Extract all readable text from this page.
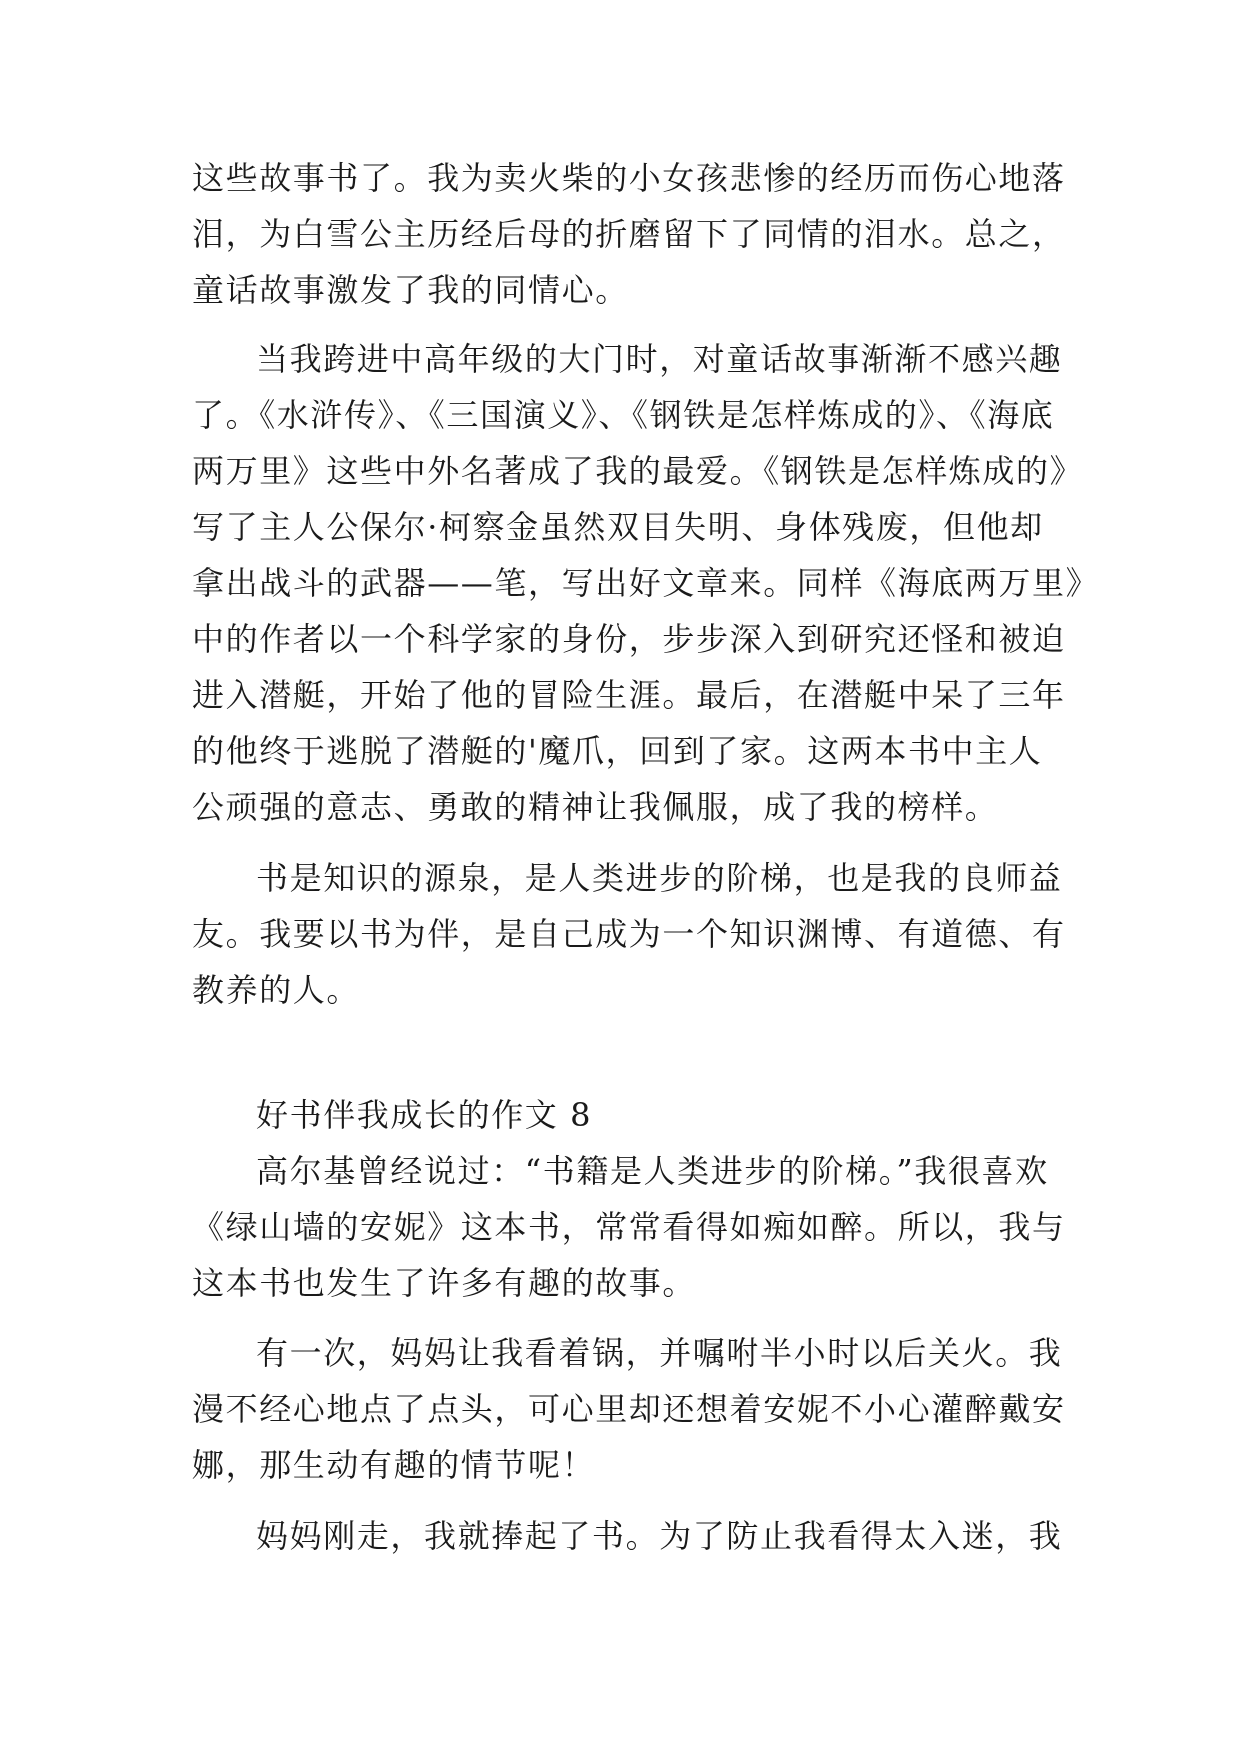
这些故事书了。我为卖火柴的小女孩悲惨的经历而伤心地落
泪，为白雪公主历经后母的折磨留下了同情的泪水。总之，
童话故事激发了我的同情心。
当我跨进中高年级的大门时，对童话故事渐渐不感兴趣
了。《水浒传》、《三国演义》、《钢铁是怎样炼成的》、《海底
两万里》这些中外名著成了我的最爱。《钢铁是怎样炼成的》
写了主人公保尔·柯察金虽然双目失明、身体残废，但他却
拿出战斗的武器——笔，写出好文章来。同样《海底两万里》
中的作者以一个科学家的身份，步步深入到研究还怪和被迫
进入潜艇，开始了他的冒险生涯。最后，在潜艇中呆了三年
的他终于逃脱了潜艇的'魔爪，回到了家。这两本书中主人
公顽强的意志、勇敢的精神让我佩服，成了我的榜样。
书是知识的源泉，是人类进步的阶梯，也是我的良师益
友。我要以书为伴，是自己成为一个知识渊博、有道德、有
教养的人。
好书伴我成长的作文 8
高尔基曾经说过：“书籍是人类进步的阶梯。”我很喜欢
《绿山墙的安妮》这本书，常常看得如痴如醉。所以，我与
这本书也发生了许多有趣的故事。
有一次，妈妈让我看着锅，并嘱咐半小时以后关火。我
漫不经心地点了点头，可心里却还想着安妮不小心灌醉戴安
娜，那生动有趣的情节呢！
妈妈刚走，我就捧起了书。为了防止我看得太入迷，我
